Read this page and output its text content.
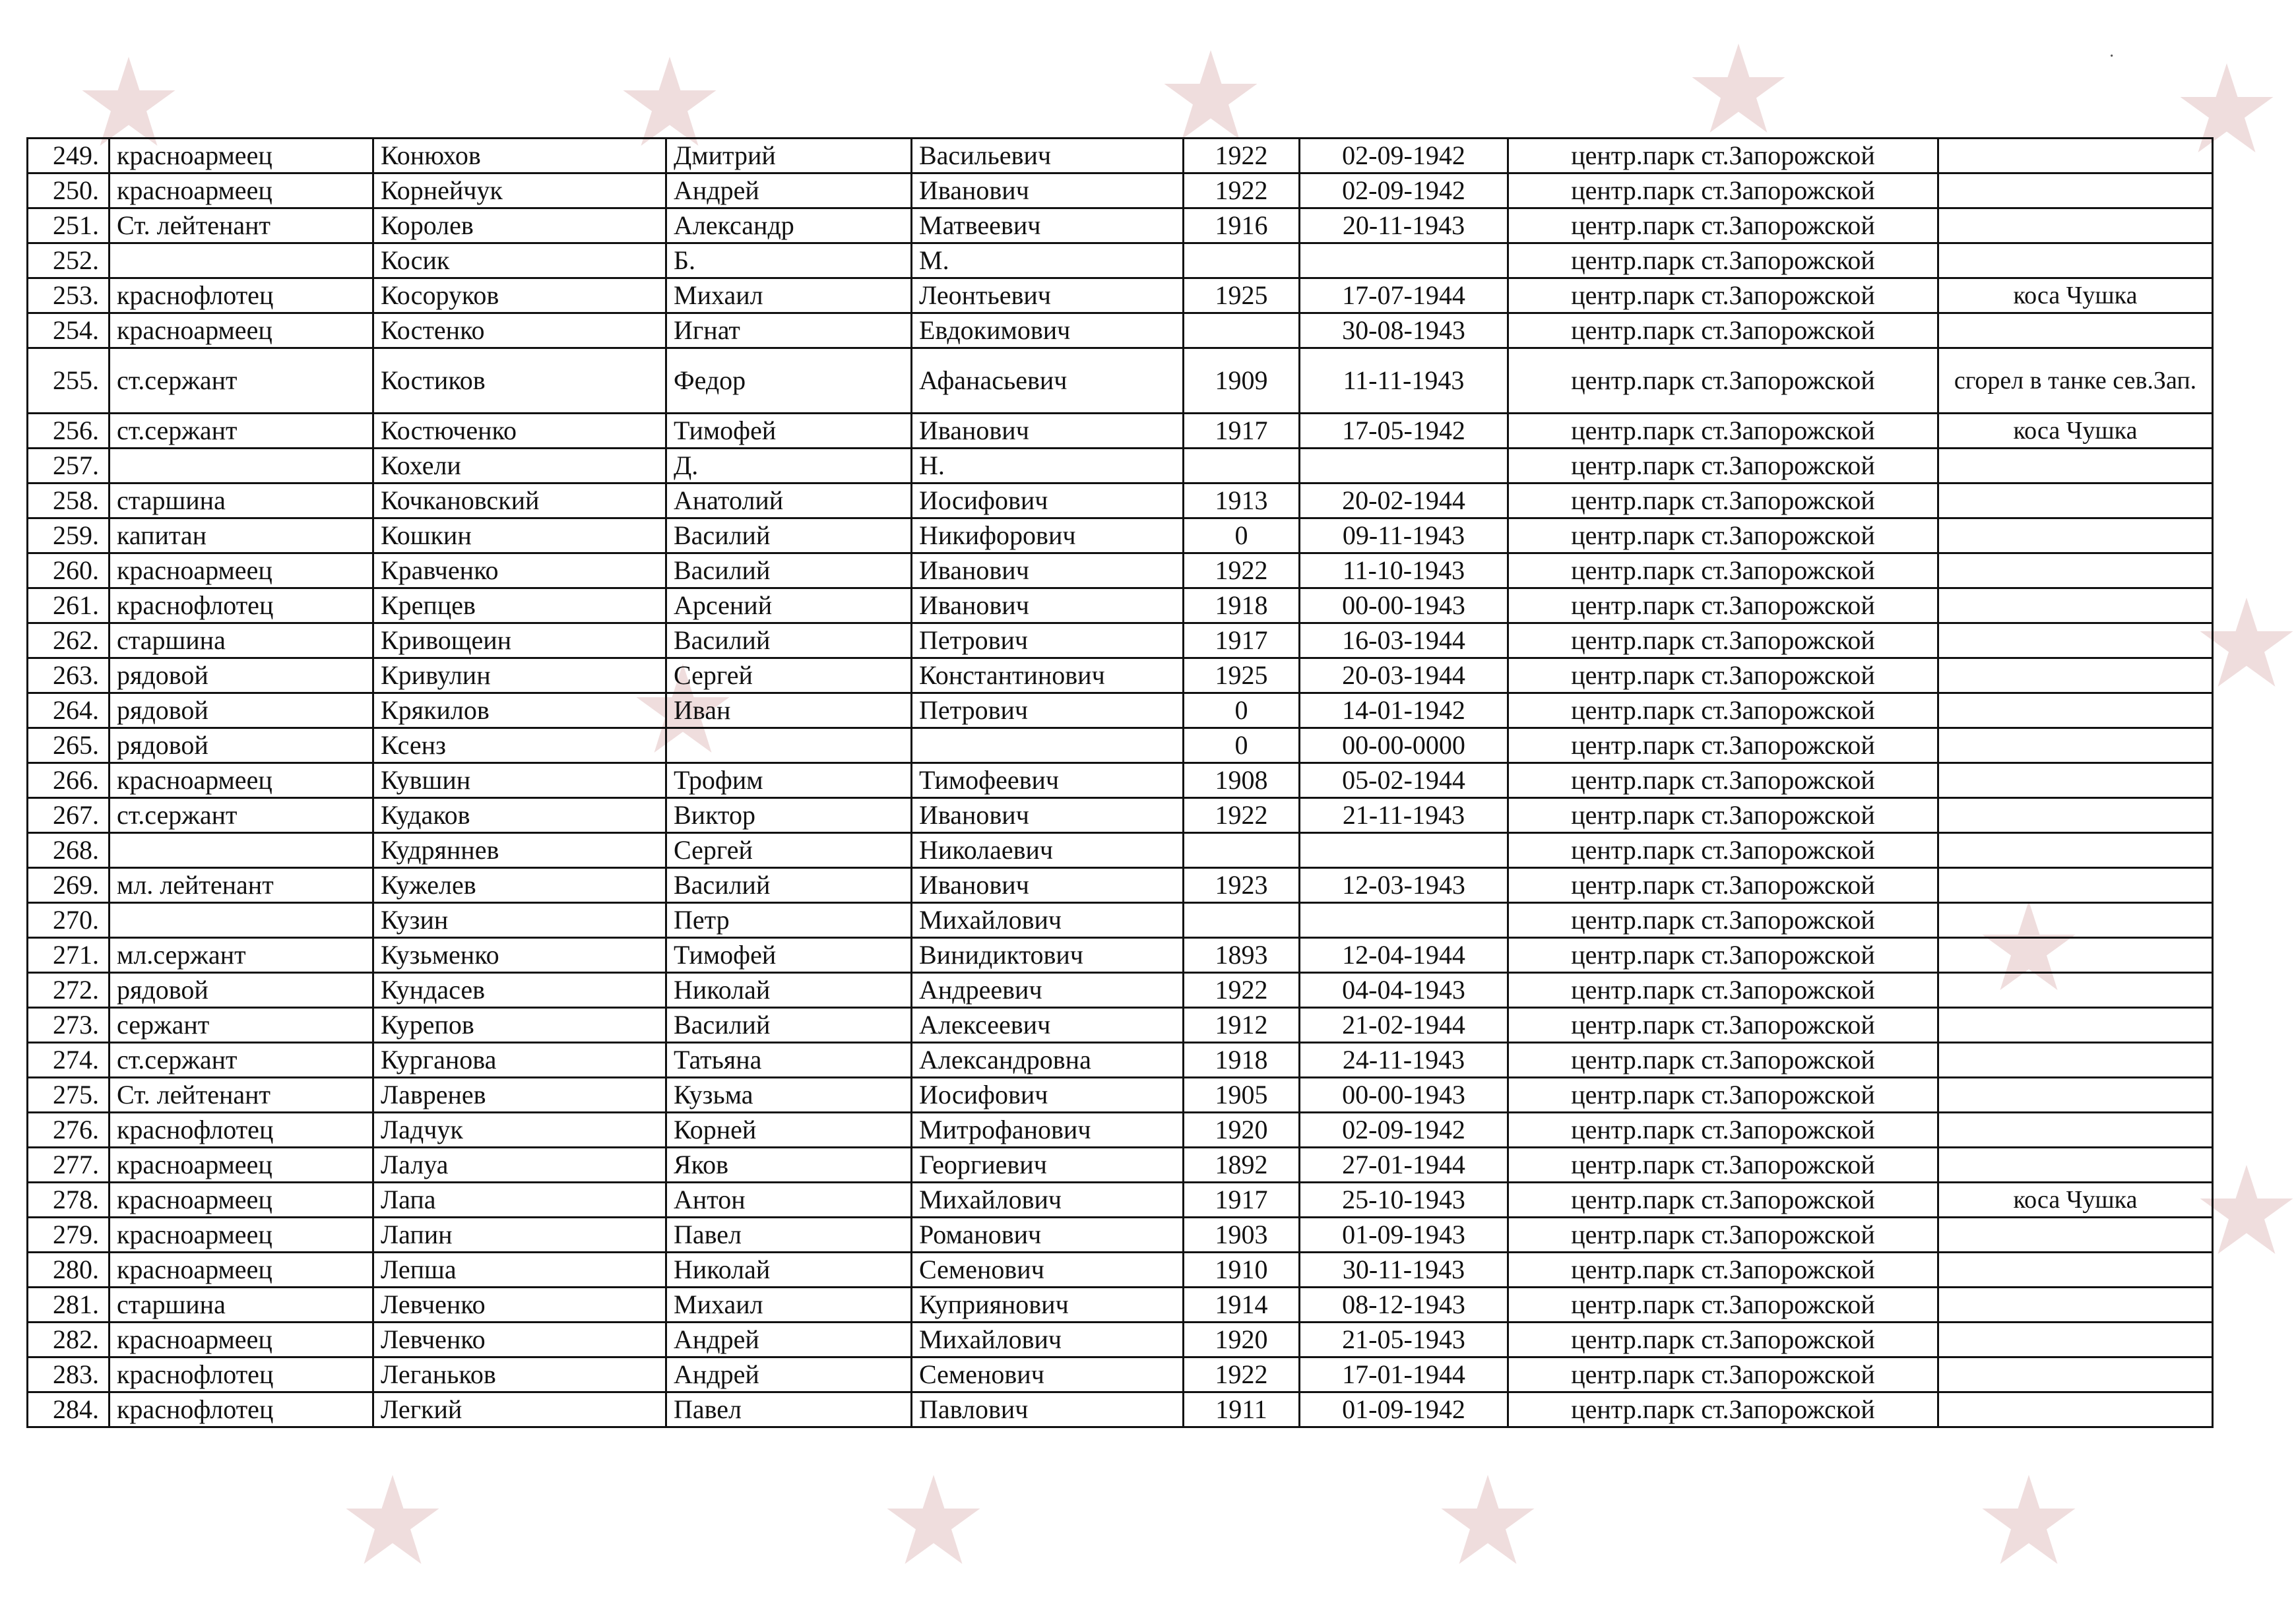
·
249.	красноармеец	Конюхов	Дмитрий	Васильевич	1922	02-09-1942	центр.парк ст.Запорожской	
250.	красноармеец	Корнейчук	Андрей	Иванович	1922	02-09-1942	центр.парк ст.Запорожской	
251.	Ст. лейтенант	Королев	Александр	Матвеевич	1916	20-11-1943	центр.парк ст.Запорожской	
252.		Косик	Б.	М.			центр.парк ст.Запорожской	
253.	краснофлотец	Косоруков	Михаил	Леонтьевич	1925	17-07-1944	центр.парк ст.Запорожской	коса Чушка
254.	красноармеец	Костенко	Игнат	Евдокимович		30-08-1943	центр.парк ст.Запорожской	
255.	ст.сержант	Костиков	Федор	Афанасьевич	1909	11-11-1943	центр.парк ст.Запорожской	сгорел в танке сев.Зап.
256.	ст.сержант	Костюченко	Тимофей	Иванович	1917	17-05-1942	центр.парк ст.Запорожской	коса Чушка
257.		Кохели	Д.	Н.			центр.парк ст.Запорожской	
258.	старшина	Кочкановский	Анатолий	Иосифович	1913	20-02-1944	центр.парк ст.Запорожской	
259.	капитан	Кошкин	Василий	Никифорович	0	09-11-1943	центр.парк ст.Запорожской	
260.	красноармеец	Кравченко	Василий	Иванович	1922	11-10-1943	центр.парк ст.Запорожской	
261.	краснофлотец	Крепцев	Арсений	Иванович	1918	00-00-1943	центр.парк ст.Запорожской	
262.	старшина	Кривощеин	Василий	Петрович	1917	16-03-1944	центр.парк ст.Запорожской	
263.	рядовой	Кривулин	Сергей	Константинович	1925	20-03-1944	центр.парк ст.Запорожской	
264.	рядовой	Крякилов	Иван	Петрович	0	14-01-1942	центр.парк ст.Запорожской	
265.	рядовой	Ксенз			0	00-00-0000	центр.парк ст.Запорожской	
266.	красноармеец	Кувшин	Трофим	Тимофеевич	1908	05-02-1944	центр.парк ст.Запорожской	
267.	ст.сержант	Кудаков	Виктор	Иванович	1922	21-11-1943	центр.парк ст.Запорожской	
268.		Кудряннев	Сергей	Николаевич			центр.парк ст.Запорожской	
269.	мл. лейтенант	Кужелев	Василий	Иванович	1923	12-03-1943	центр.парк ст.Запорожской	
270.		Кузин	Петр	Михайлович			центр.парк ст.Запорожской	
271.	мл.сержант	Кузьменко	Тимофей	Винидиктович	1893	12-04-1944	центр.парк ст.Запорожской	
272.	рядовой	Кундасев	Николай	Андреевич	1922	04-04-1943	центр.парк ст.Запорожской	
273.	сержант	Курепов	Василий	Алексеевич	1912	21-02-1944	центр.парк ст.Запорожской	
274.	ст.сержант	Курганова	Татьяна	Александровна	1918	24-11-1943	центр.парк ст.Запорожской	
275.	Ст. лейтенант	Лавренев	Кузьма	Иосифович	1905	00-00-1943	центр.парк ст.Запорожской	
276.	краснофлотец	Ладчук	Корней	Митрофанович	1920	02-09-1942	центр.парк ст.Запорожской	
277.	красноармеец	Лалуа	Яков	Георгиевич	1892	27-01-1944	центр.парк ст.Запорожской	
278.	красноармеец	Лапа	Антон	Михайлович	1917	25-10-1943	центр.парк ст.Запорожской	коса Чушка
279.	красноармеец	Лапин	Павел	Романович	1903	01-09-1943	центр.парк ст.Запорожской	
280.	красноармеец	Лепша	Николай	Семенович	1910	30-11-1943	центр.парк ст.Запорожской	
281.	старшина	Левченко	Михаил	Куприянович	1914	08-12-1943	центр.парк ст.Запорожской	
282.	красноармеец	Левченко	Андрей	Михайлович	1920	21-05-1943	центр.парк ст.Запорожской	
283.	краснофлотец	Леганьков	Андрей	Семенович	1922	17-01-1944	центр.парк ст.Запорожской	
284.	краснофлотец	Легкий	Павел	Павлович	1911	01-09-1942	центр.парк ст.Запорожской	
